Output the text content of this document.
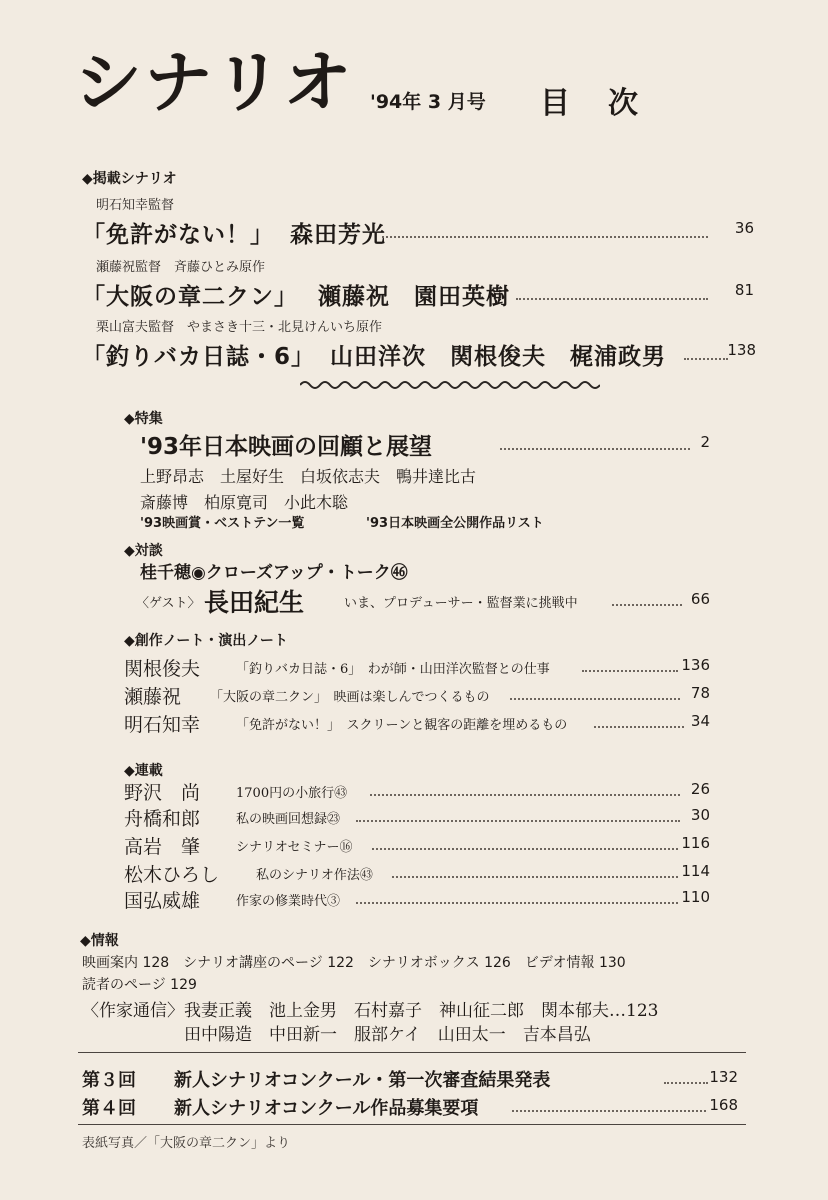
シナリオ '94年 3 月号 目　次
◆掲載シナリオ
明石知幸監督
「免許がない！」 森田芳光	36
瀬藤祝監督　斉藤ひとみ原作
「大阪の章二クン」 瀬藤祝　園田英樹	81
栗山富夫監督　やまさき十三・北見けんいち原作
「釣りバカ日誌・6」 山田洋次　関根俊夫　梶浦政男	138
◆特集
'93年日本映画の回顧と展望	2
上野昂志　土屋好生　白坂依志夫　鴨井達比古
斎藤博　柏原寛司　小此木聡
'93映画賞・ベストテン一覧	'93日本映画全公開作品リスト
◆対談
桂千穂◉クローズアップ・トーク㊻
〈ゲスト〉 長田紀生	いま、プロデューサー・監督業に挑戦中	66
◆創作ノート・演出ノート
関根俊夫	「釣りバカ日誌・6」　わが師・山田洋次監督との仕事	136
瀬藤祝 「大阪の章二クン」　映画は楽しんでつくるもの	78
明石知幸	「免許がない！」　スクリーンと観客の距離を埋めるもの	34
◆連載
野沢　尚	1700円の小旅行㊸	26
舟橋和郎	私の映画回想録㉓	30
高岩　肇	シナリオセミナー⑯	116
松木ひろし	私のシナリオ作法㊸	114
国弘威雄	作家の修業時代③	110
◆情報
映画案内 128　シナリオ講座のページ 122　シナリオボックス 126　ビデオ情報 130
読者のページ 129
〈作家通信〉 我妻正義　池上金男　石村嘉子　神山征二郎　関本郁夫…123
田中陽造　中田新一　服部ケイ　山田太一　吉本昌弘
第３回 新人シナリオコンクール・第一次審査結果発表	132
第４回 新人シナリオコンクール作品募集要項	168
表紙写真／「大阪の章二クン」より
